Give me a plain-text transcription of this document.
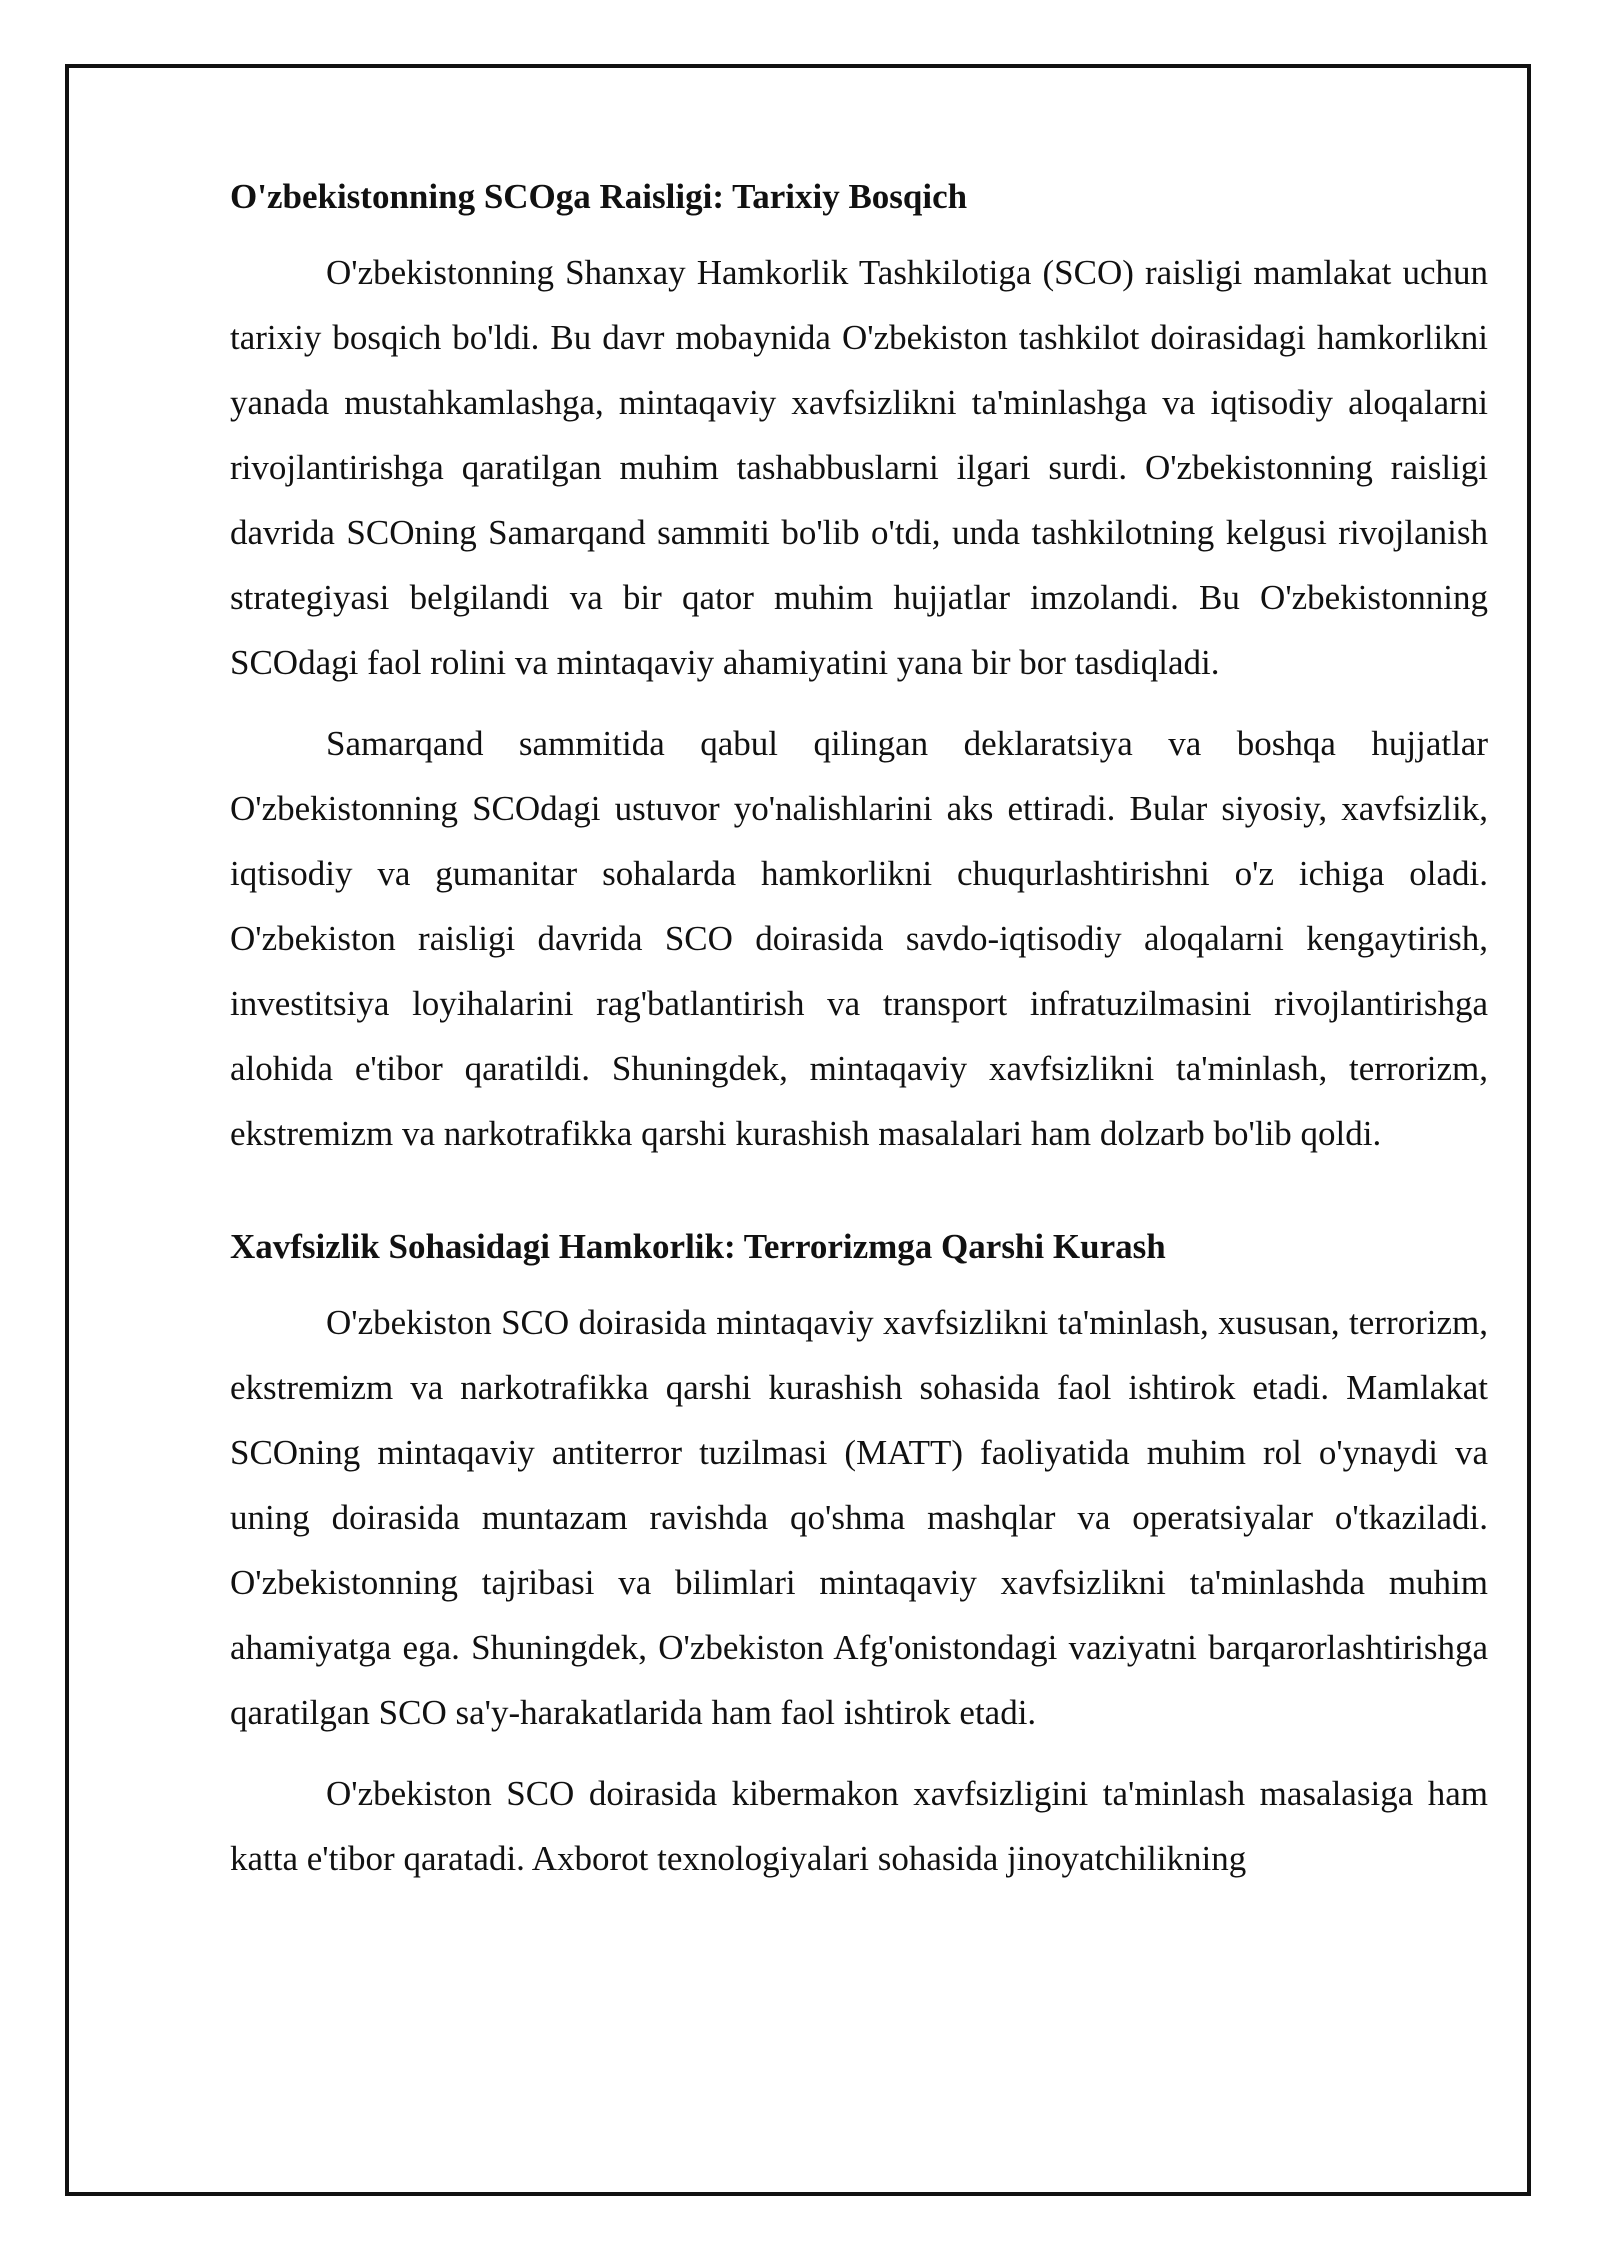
O'zbekistonning SCOga Raisligi: Tarixiy Bosqich

O'zbekistonning Shanxay Hamkorlik Tashkilotiga (SCO) raisligi mamlakat uchun tarixiy bosqich bo'ldi. Bu davr mobaynida O'zbekiston tashkilot doirasidagi hamkorlikni yanada mustahkamlashga, mintaqaviy xavfsizlikni ta'minlashga va iqtisodiy aloqalarni rivojlantirishga qaratilgan muhim tashabbuslarni ilgari surdi. O'zbekistonning raisligi davrida SCOning Samarqand sammiti bo'lib o'tdi, unda tashkilotning kelgusi rivojlanish strategiyasi belgilandi va bir qator muhim hujjatlar imzolandi. Bu O'zbekistonning SCOdagi faol rolini va mintaqaviy ahamiyatini yana bir bor tasdiqladi.

Samarqand sammitida qabul qilingan deklaratsiya va boshqa hujjatlar O'zbekistonning SCOdagi ustuvor yo'nalishlarini aks ettiradi. Bular siyosiy, xavfsizlik, iqtisodiy va gumanitar sohalarda hamkorlikni chuqurlashtirishni o'z ichiga oladi. O'zbekiston raisligi davrida SCO doirasida savdo-iqtisodiy aloqalarni kengaytirish, investitsiya loyihalarini rag'batlantirish va transport infratuzilmasini rivojlantirishga alohida e'tibor qaratildi. Shuningdek, mintaqaviy xavfsizlikni ta'minlash, terrorizm, ekstremizm va narkotrafikka qarshi kurashish masalalari ham dolzarb bo'lib qoldi.

Xavfsizlik Sohasidagi Hamkorlik: Terrorizmga Qarshi Kurash

O'zbekiston SCO doirasida mintaqaviy xavfsizlikni ta'minlash, xususan, terrorizm, ekstremizm va narkotrafikka qarshi kurashish sohasida faol ishtirok etadi. Mamlakat SCOning mintaqaviy antiterror tuzilmasi (MATT) faoliyatida muhim rol o'ynaydi va uning doirasida muntazam ravishda qo'shma mashqlar va operatsiyalar o'tkaziladi. O'zbekistonning tajribasi va bilimlari mintaqaviy xavfsizlikni ta'minlashda muhim ahamiyatga ega. Shuningdek, O'zbekiston Afg'onistondagi vaziyatni barqarorlashtirishga qaratilgan SCO sa'y-harakatlarida ham faol ishtirok etadi.

O'zbekiston SCO doirasida kibermakon xavfsizligini ta'minlash masalasiga ham katta e'tibor qaratadi. Axborot texnologiyalari sohasida jinoyatchilikning
